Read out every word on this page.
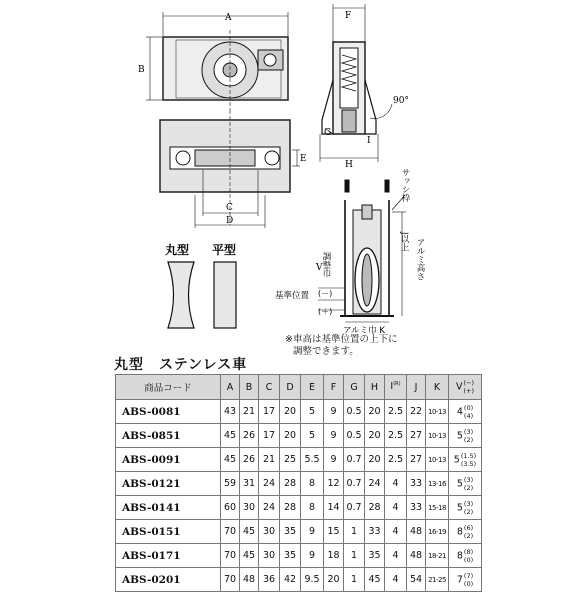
A
B
C
D
E
F
90°
G
H
I
サッシ枠
アルミ高さ
J以上
調整巾
V
基準位置 (－)
(＋)
アルミ巾 K
丸型 平型
※車高は基準位置の上下に
調整できます。
丸型　ステンレス車
商品コード	A	B	C	D	E	F	G	H	$I^{(R)}$	J	K	V(−)
(+)
ABS-0081	43	21	17	20	5	9	0.5	20	2.5	22	10-13	4(0)
(4)
ABS-0851	45	26	17	20	5	9	0.5	20	2.5	27	10-13	5(3)
(2)
ABS-0091	45	26	21	25	5.5	9	0.7	20	2.5	27	10-13	5(1.5)
(3.5)
ABS-0121	59	31	24	28	8	12	0.7	24	4	33	13-16	5(3)
(2)
ABS-0141	60	30	24	28	8	14	0.7	28	4	33	15-18	5(3)
(2)
ABS-0151	70	45	30	35	9	15	1	33	4	48	16-19	8(6)
(2)
ABS-0171	70	45	30	35	9	18	1	35	4	48	18-21	8(8)
(0)
ABS-0201	70	48	36	42	9.5	20	1	45	4	54	21-25	7(7)
(0)
